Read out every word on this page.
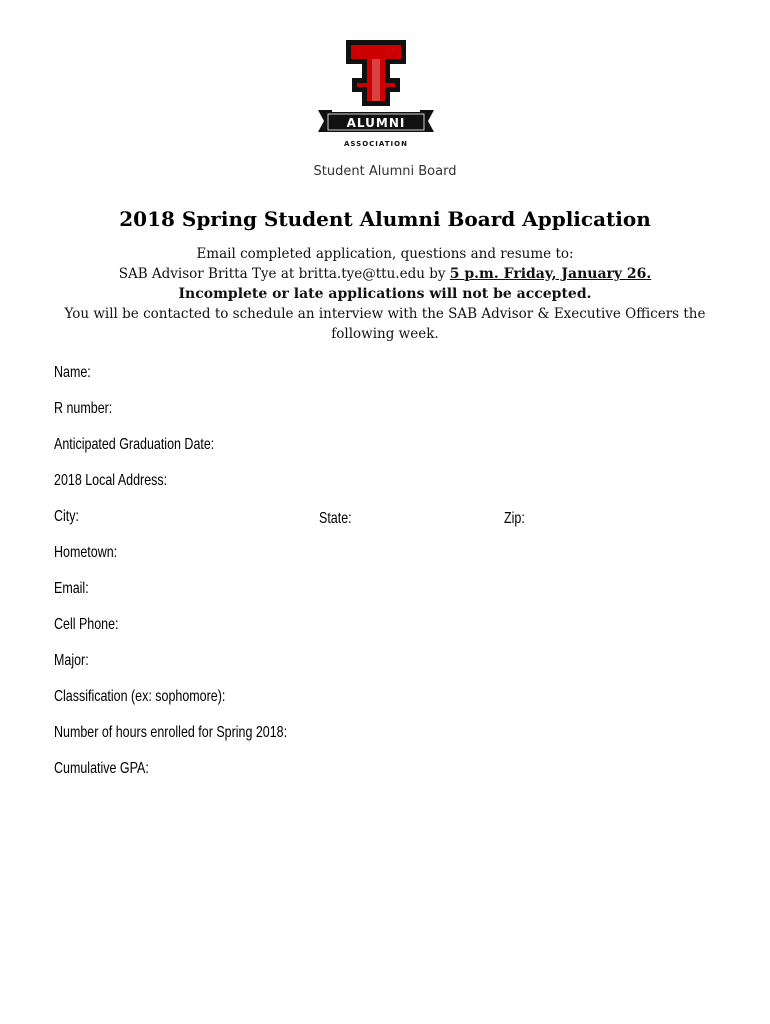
ALUMNI
ASSOCIATION
Student Alumni Board
2018 Spring Student Alumni Board Application
Email completed application, questions and resume to:
SAB Advisor Britta Tye at britta.tye@ttu.edu by 5 p.m. Friday, January 26.
Incomplete or late applications will not be accepted.
You will be contacted to schedule an interview with the SAB Advisor & Executive Officers the following week.
Name:
R number:
Anticipated Graduation Date:
2018 Local Address:
City:	State:	Zip:
Hometown:
Email:
Cell Phone:
Major:
Classification (ex: sophomore):
Number of hours enrolled for Spring 2018:
Cumulative GPA:
